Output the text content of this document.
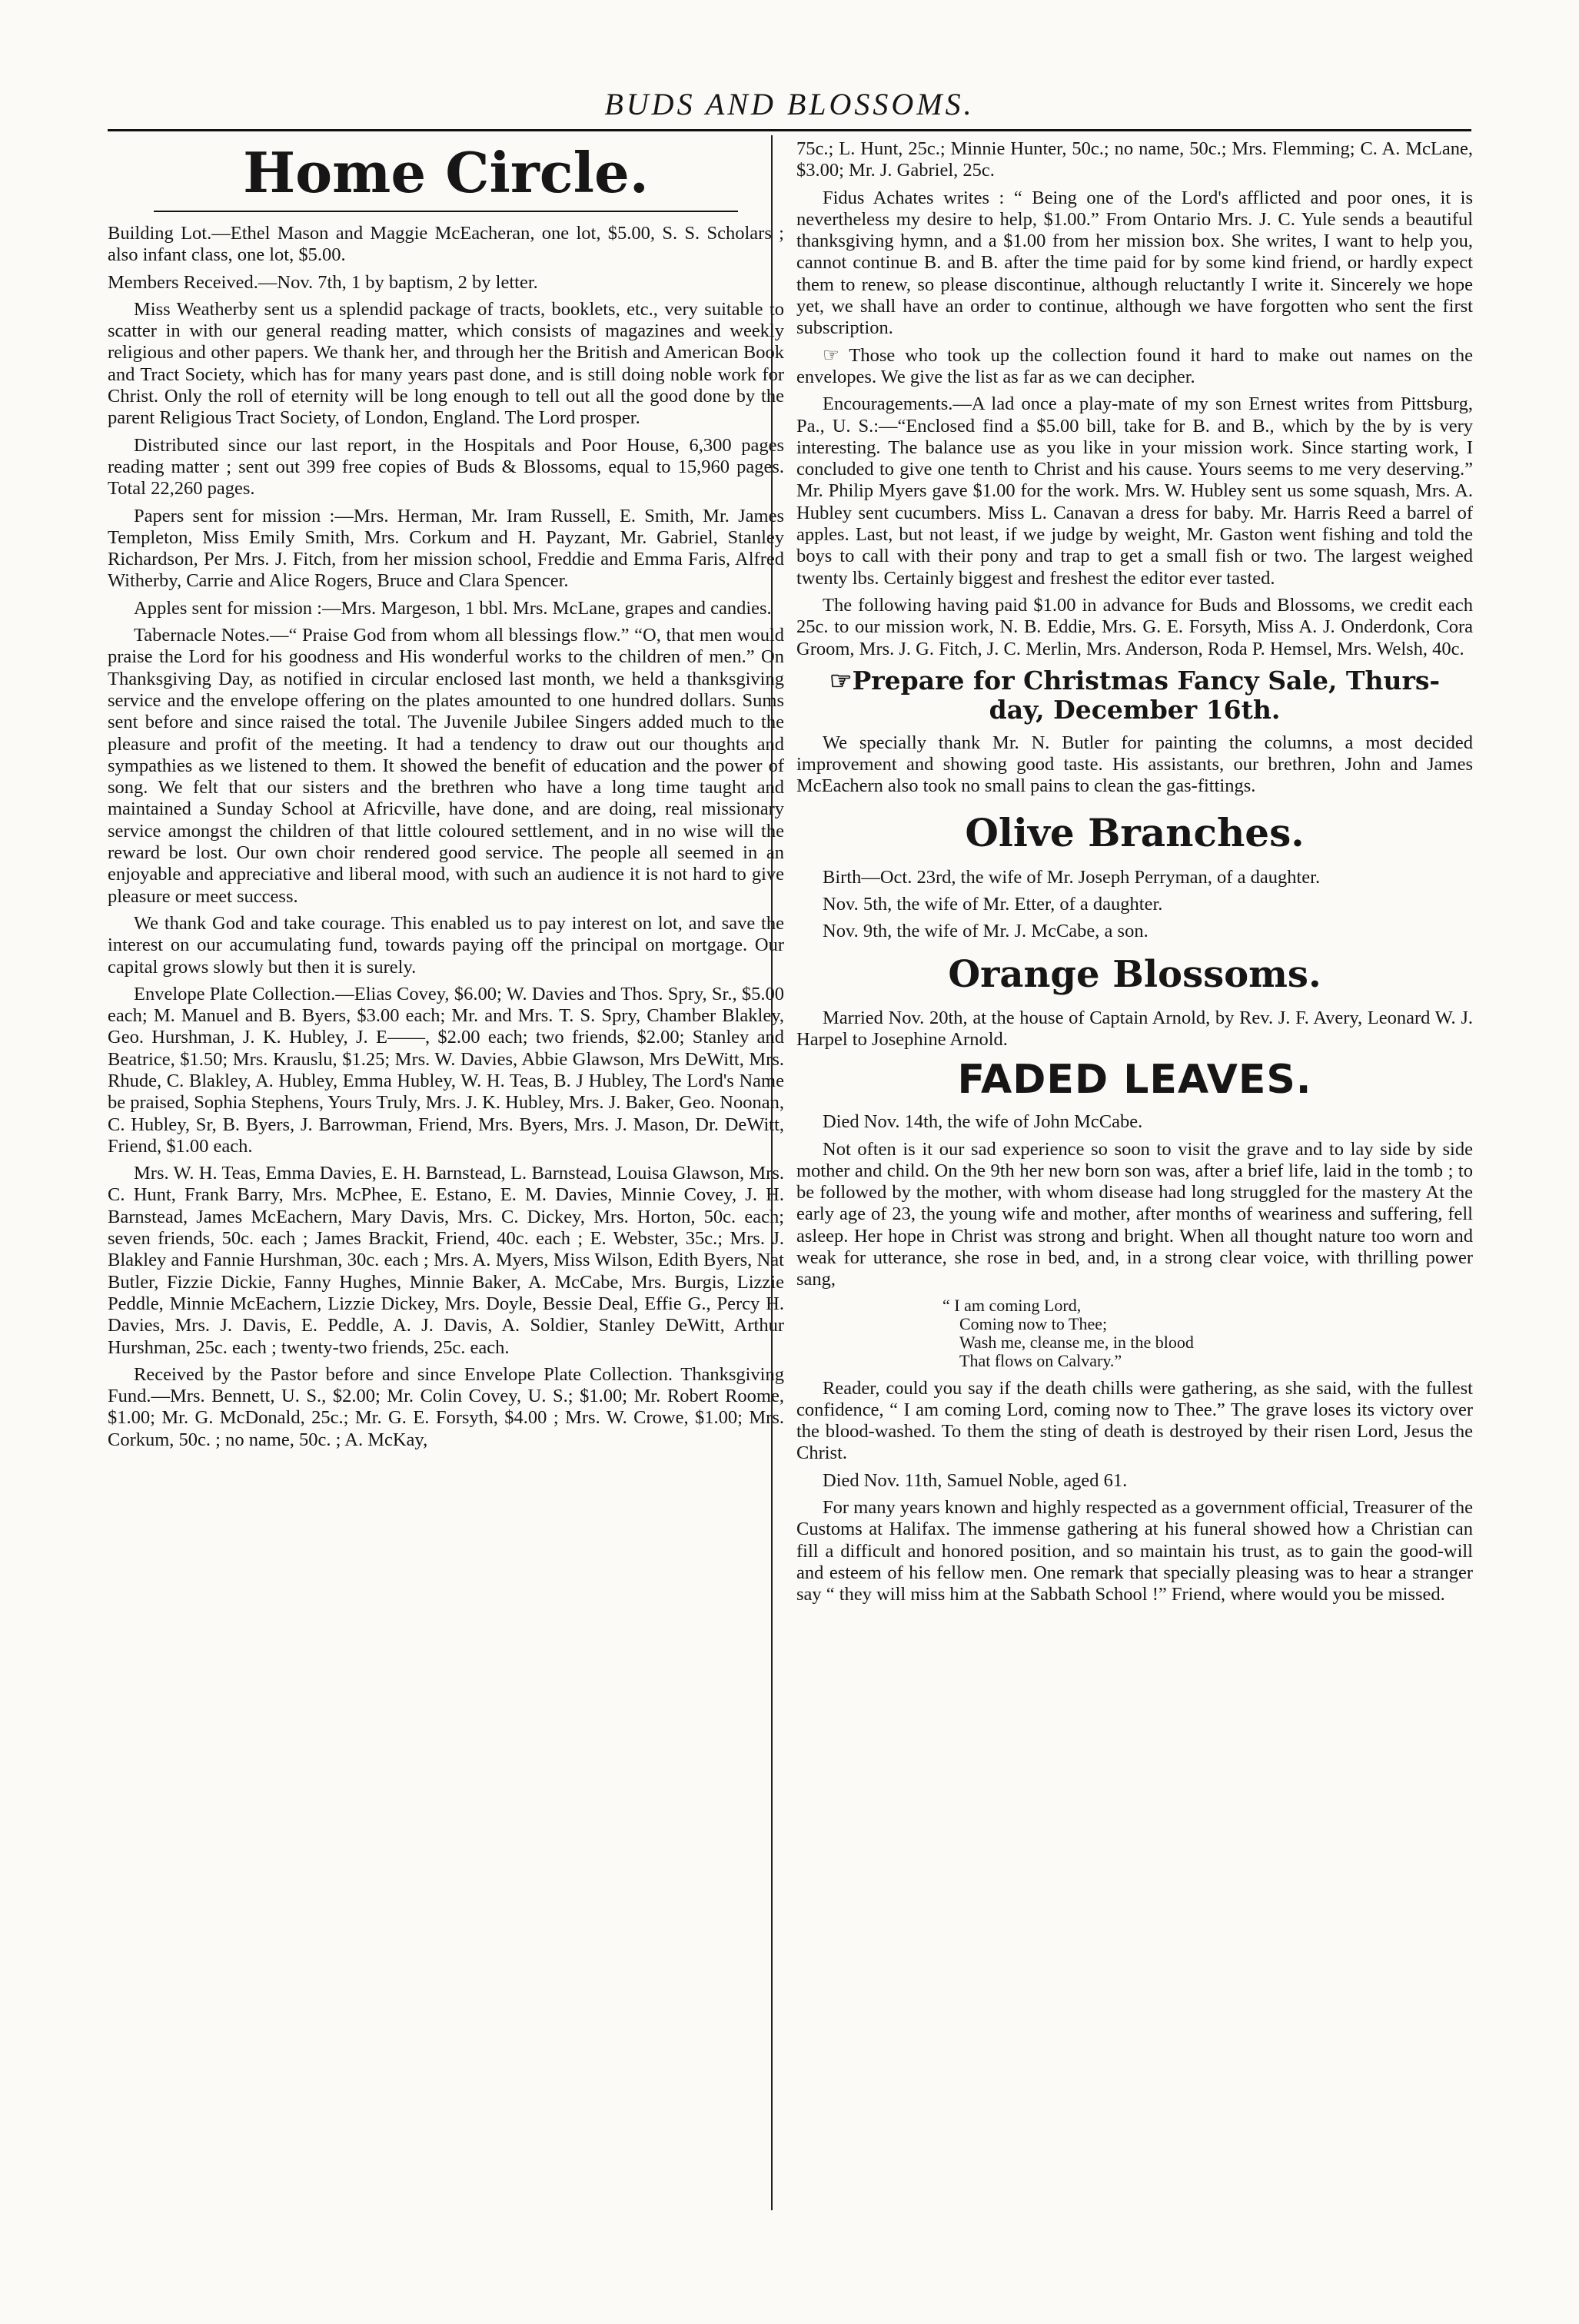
BUDS AND BLOSSOMS.
Home Circle.

Building Lot.—Ethel Mason and Maggie McEacheran, one lot, $5.00, S. S. Scholars ; also infant class, one lot, $5.00.

Members Received.—Nov. 7th, 1 by baptism, 2 by letter.

Miss Weatherby sent us a splendid package of tracts, booklets, etc., very suitable to scatter in with our general reading matter, which consists of magazines and weekly religious and other papers. We thank her, and through her the British and American Book and Tract Society, which has for many years past done, and is still doing noble work for Christ. Only the roll of eternity will be long enough to tell out all the good done by the parent Religious Tract Society, of London, England. The Lord prosper.

Distributed since our last report, in the Hospitals and Poor House, 6,300 pages reading matter ; sent out 399 free copies of Buds & Blossoms, equal to 15,960 pages. Total 22,260 pages.

Papers sent for mission :—Mrs. Herman, Mr. Iram Russell, E. Smith, Mr. James Templeton, Miss Emily Smith, Mrs. Corkum and H. Payzant, Mr. Gabriel, Stanley Richardson, Per Mrs. J. Fitch, from her mission school, Freddie and Emma Faris, Alfred Witherby, Carrie and Alice Rogers, Bruce and Clara Spencer.

Apples sent for mission :—Mrs. Margeson, 1 bbl. Mrs. McLane, grapes and candies.

Tabernacle Notes.—“ Praise God from whom all blessings flow.” “O, that men would praise the Lord for his goodness and His wonderful works to the children of men.” On Thanksgiving Day, as notified in circular enclosed last month, we held a thanksgiving service and the envelope offering on the plates amounted to one hundred dollars. Sums sent before and since raised the total. The Juvenile Jubilee Singers added much to the pleasure and profit of the meeting. It had a tendency to draw out our thoughts and sympathies as we listened to them. It showed the benefit of education and the power of song. We felt that our sisters and the brethren who have a long time taught and maintained a Sunday School at Africville, have done, and are doing, real missionary service amongst the children of that little coloured settlement, and in no wise will the reward be lost. Our own choir rendered good service. The people all seemed in an enjoyable and appreciative and liberal mood, with such an audience it is not hard to give pleasure or meet success.

We thank God and take courage. This enabled us to pay interest on lot, and save the interest on our accumulating fund, towards paying off the principal on mortgage. Our capital grows slowly but then it is surely.

Envelope Plate Collection.—Elias Covey, $6.00; W. Davies and Thos. Spry, Sr., $5.00 each; M. Manuel and B. Byers, $3.00 each; Mr. and Mrs. T. S. Spry, Chamber Blakley, Geo. Hurshman, J. K. Hubley, J. E——, $2.00 each; two friends, $2.00; Stanley and Beatrice, $1.50; Mrs. Krauslu, $1.25; Mrs. W. Davies, Abbie Glawson, Mrs DeWitt, Mrs. Rhude, C. Blakley, A. Hubley, Emma Hubley, W. H. Teas, B. J Hubley, The Lord's Name be praised, Sophia Stephens, Yours Truly, Mrs. J. K. Hubley, Mrs. J. Baker, Geo. Noonan, C. Hubley, Sr, B. Byers, J. Barrowman, Friend, Mrs. Byers, Mrs. J. Mason, Dr. DeWitt, Friend, $1.00 each.

Mrs. W. H. Teas, Emma Davies, E. H. Barnstead, L. Barnstead, Louisa Glawson, Mrs. C. Hunt, Frank Barry, Mrs. McPhee, E. Estano, E. M. Davies, Minnie Covey, J. H. Barnstead, James McEachern, Mary Davis, Mrs. C. Dickey, Mrs. Horton, 50c. each; seven friends, 50c. each ; James Brackit, Friend, 40c. each ; E. Webster, 35c.; Mrs. J. Blakley and Fannie Hurshman, 30c. each ; Mrs. A. Myers, Miss Wilson, Edith Byers, Nat Butler, Fizzie Dickie, Fanny Hughes, Minnie Baker, A. McCabe, Mrs. Burgis, Lizzie Peddle, Minnie McEachern, Lizzie Dickey, Mrs. Doyle, Bessie Deal, Effie G., Percy H. Davies, Mrs. J. Davis, E. Peddle, A. J. Davis, A. Soldier, Stanley DeWitt, Arthur Hurshman, 25c. each ; twenty-two friends, 25c. each.

Received by the Pastor before and since Envelope Plate Collection. Thanksgiving Fund.—Mrs. Bennett, U. S., $2.00; Mr. Colin Covey, U. S.; $1.00; Mr. Robert Roome, $1.00; Mr. G. McDonald, 25c.; Mr. G. E. Forsyth, $4.00 ; Mrs. W. Crowe, $1.00; Mrs. Corkum, 50c. ; no name, 50c. ; A. McKay,

75c.; L. Hunt, 25c.; Minnie Hunter, 50c.; no name, 50c.; Mrs. Flemming; C. A. McLane, $3.00; Mr. J. Gabriel, 25c.

Fidus Achates writes : “ Being one of the Lord's afflicted and poor ones, it is nevertheless my desire to help, $1.00.” From Ontario Mrs. J. C. Yule sends a beautiful thanksgiving hymn, and a $1.00 from her mission box. She writes, I want to help you, cannot continue B. and B. after the time paid for by some kind friend, or hardly expect them to renew, so please discontinue, although reluctantly I write it. Sincerely we hope yet, we shall have an order to continue, although we have forgotten who sent the first subscription.

☞ Those who took up the collection found it hard to make out names on the envelopes. We give the list as far as we can decipher.

Encouragements.—A lad once a play-mate of my son Ernest writes from Pittsburg, Pa., U. S.:—“Enclosed find a $5.00 bill, take for B. and B., which by the by is very interesting. The balance use as you like in your mission work. Since starting work, I concluded to give one tenth to Christ and his cause. Yours seems to me very deserving.” Mr. Philip Myers gave $1.00 for the work. Mrs. W. Hubley sent us some squash, Mrs. A. Hubley sent cucumbers. Miss L. Canavan a dress for baby. Mr. Harris Reed a barrel of apples. Last, but not least, if we judge by weight, Mr. Gaston went fishing and told the boys to call with their pony and trap to get a small fish or two. The largest weighed twenty lbs. Certainly biggest and freshest the editor ever tasted.

The following having paid $1.00 in advance for Buds and Blossoms, we credit each 25c. to our mission work, N. B. Eddie, Mrs. G. E. Forsyth, Miss A. J. Onderdonk, Cora Groom, Mrs. J. G. Fitch, J. C. Merlin, Mrs. Anderson, Roda P. Hemsel, Mrs. Welsh, 40c.

☞Prepare for Christmas Fancy Sale, Thurs-
day, December 16th.

We specially thank Mr. N. Butler for painting the columns, a most decided improvement and showing good taste. His assistants, our brethren, John and James McEachern also took no small pains to clean the gas-fittings.

Olive Branches.

Birth—Oct. 23rd, the wife of Mr. Joseph Perryman, of a daughter.

Nov. 5th, the wife of Mr. Etter, of a daughter.

Nov. 9th, the wife of Mr. J. McCabe, a son.

Orange Blossoms.

Married Nov. 20th, at the house of Captain Arnold, by Rev. J. F. Avery, Leonard W. J. Harpel to Josephine Arnold.

FADED LEAVES.

Died Nov. 14th, the wife of John McCabe.

Not often is it our sad experience so soon to visit the grave and to lay side by side mother and child. On the 9th her new born son was, after a brief life, laid in the tomb ; to be followed by the mother, with whom disease had long struggled for the mastery At the early age of 23, the young wife and mother, after months of weariness and suffering, fell asleep. Her hope in Christ was strong and bright. When all thought nature too worn and weak for utterance, she rose in bed, and, in a strong clear voice, with thrilling power sang,

“ I am coming Lord,
Coming now to Thee;
Wash me, cleanse me, in the blood
That flows on Calvary.”

Reader, could you say if the death chills were gathering, as she said, with the fullest confidence, “ I am coming Lord, coming now to Thee.” The grave loses its victory over the blood-washed. To them the sting of death is destroyed by their risen Lord, Jesus the Christ.

Died Nov. 11th, Samuel Noble, aged 61.

For many years known and highly respected as a government official, Treasurer of the Customs at Halifax. The immense gathering at his funeral showed how a Christian can fill a difficult and honored position, and so maintain his trust, as to gain the good-will and esteem of his fellow men. One remark that specially pleasing was to hear a stranger say “ they will miss him at the Sabbath School !” Friend, where would you be missed.
